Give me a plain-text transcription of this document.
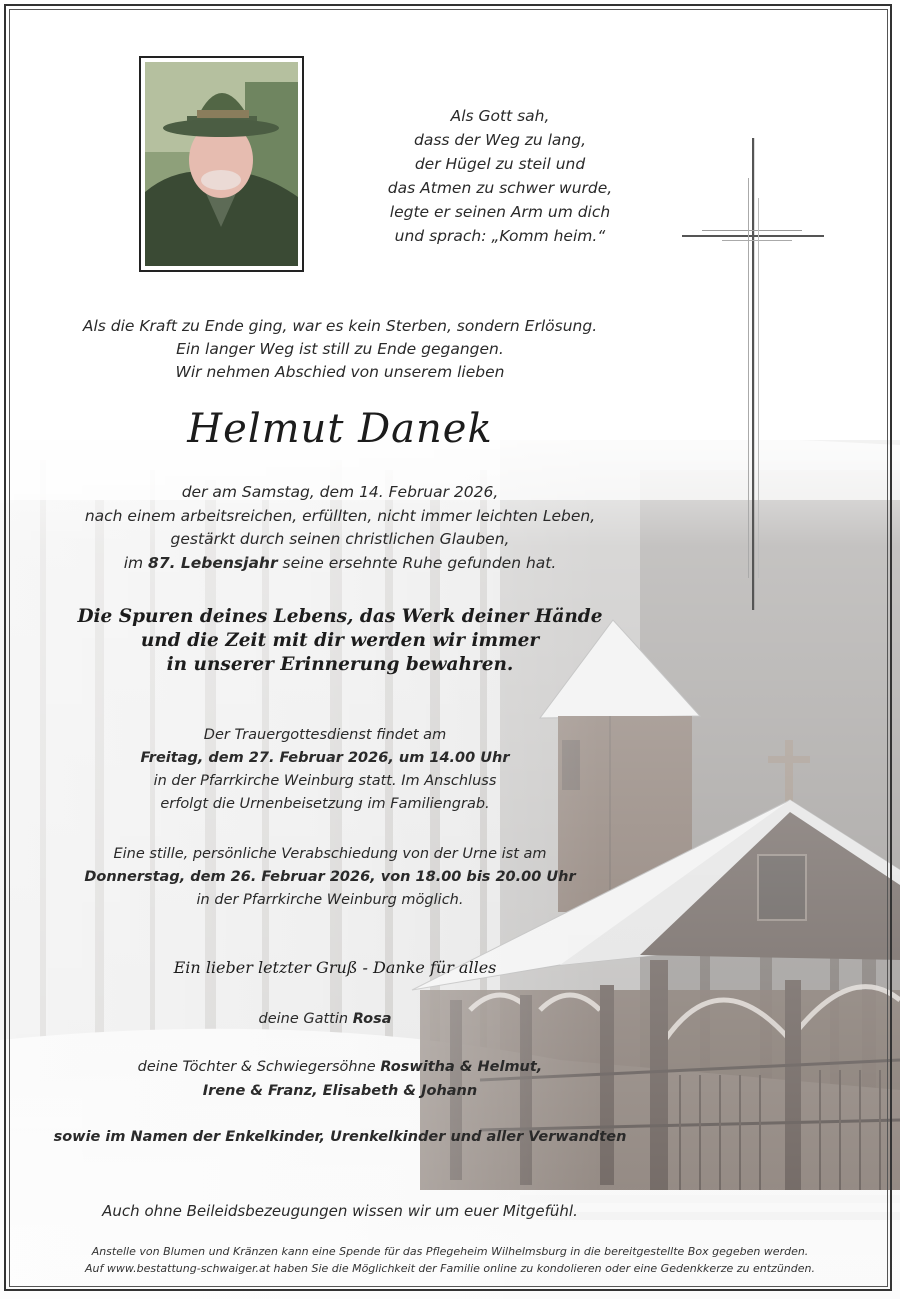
Als Gott sah,
dass der Weg zu lang,
der Hügel zu steil und
das Atmen zu schwer wurde,
legte er seinen Arm um dich
und sprach: „Komm heim.“
Als die Kraft zu Ende ging, war es kein Sterben, sondern Erlösung.
Ein langer Weg ist still zu Ende gegangen.
Wir nehmen Abschied von unserem lieben
Helmut Danek
der am Samstag, dem 14. Februar 2026,
nach einem arbeitsreichen, erfüllten, nicht immer leichten Leben,
gestärkt durch seinen christlichen Glauben,
im 87. Lebensjahr seine ersehnte Ruhe gefunden hat.
Die Spuren deines Lebens, das Werk deiner Hände
und die Zeit mit dir werden wir immer
in unserer Erinnerung bewahren.
Der Trauergottesdienst findet am
Freitag, dem 27. Februar 2026, um 14.00 Uhr
in der Pfarrkirche Weinburg statt. Im Anschluss
erfolgt die Urnenbeisetzung im Familiengrab.
Eine stille, persönliche Verabschiedung von der Urne ist am
Donnerstag, dem 26. Februar 2026, von 18.00 bis 20.00 Uhr
in der Pfarrkirche Weinburg möglich.
Ein lieber letzter Gruß - Danke für alles
deine Gattin Rosa
deine Töchter & Schwiegersöhne Roswitha & Helmut,
Irene & Franz, Elisabeth & Johann
sowie im Namen der Enkelkinder, Urenkelkinder und aller Verwandten
Auch ohne Beileidsbezeugungen wissen wir um euer Mitgefühl.
Anstelle von Blumen und Kränzen kann eine Spende für das Pflegeheim Wilhelmsburg in die bereitgestellte Box gegeben werden.
Auf www.bestattung-schwaiger.at haben Sie die Möglichkeit der Familie online zu kondolieren oder eine Gedenkkerze zu entzünden.
